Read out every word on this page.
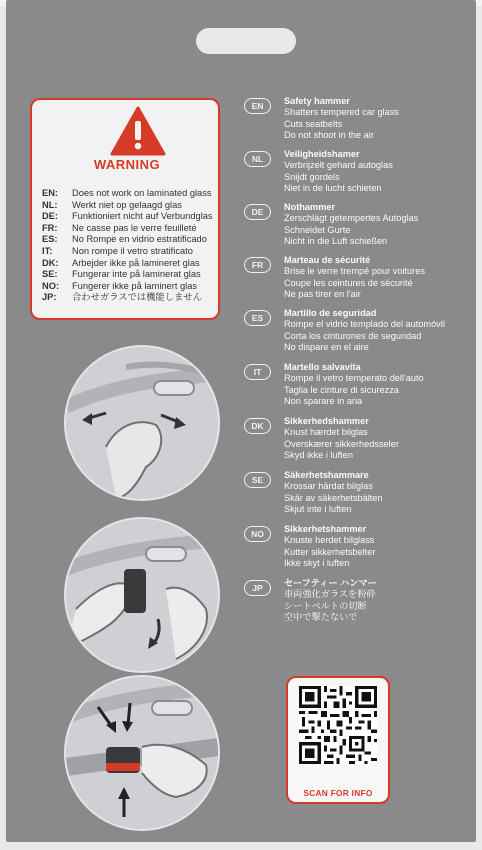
WARNING
EN:	Does not work on laminated glass
NL:	Werkt niet op gelaagd glas
DE:	Funktioniert nicht auf Verbundglas
FR:	Ne casse pas le verre feuilleté
ES:	No Rompe en vidrio estratificado
IT:	Non rompe il vetro stratificato
DK:	Arbejder ikke på lamineret glas
SE:	Fungerar inte på laminerat glas
NO:	Fungerer ikke på laminert glas
JP:	合わせガラスでは機能しません
EN	Safety hammer
Shatters tempered car glass
Cuts seatbelts
Do not shoot in the air
NL	Veiligheidshamer
Verbrijzelt gehard autoglas
Snijdt gordels
Niet in de lucht schieten
DE	Nothammer
Zerschlägt getempertes Autoglas
Schneidet Gurte
Nicht in die Luft schießen
FR	Marteau de sécurité
Brise le verre trempé pour voitures
Coupe les ceintures de sécurité
Ne pas tirer en l'air
ES	Martillo de seguridad
Rompe el vidrio templado del automóvil
Corta los cinturones de seguridad
No dispare en el aire
IT	Martello salvavita
Rompe il vetro temperato dell'auto
Taglia le cinture di sicurezza
Non sparare in aria
DK	Sikkerhedshammer
Knust hærdet bilglas
Overskærer sikkerhedsseler
Skyd ikke i luften
SE	Säkerhetshammare
Krossar härdat bilglas
Skär av säkerhetsbälten
Skjut inte i luften
NO	Sikkerhetshammer
Knuste herdet bilglass
Kutter sikkerhetsbelter
Ikke skyt i luften
JP	セーフティー ハンマー
車両強化ガラスを粉砕
シートベルトの切断
空中で撃たないで
SCAN FOR INFO
